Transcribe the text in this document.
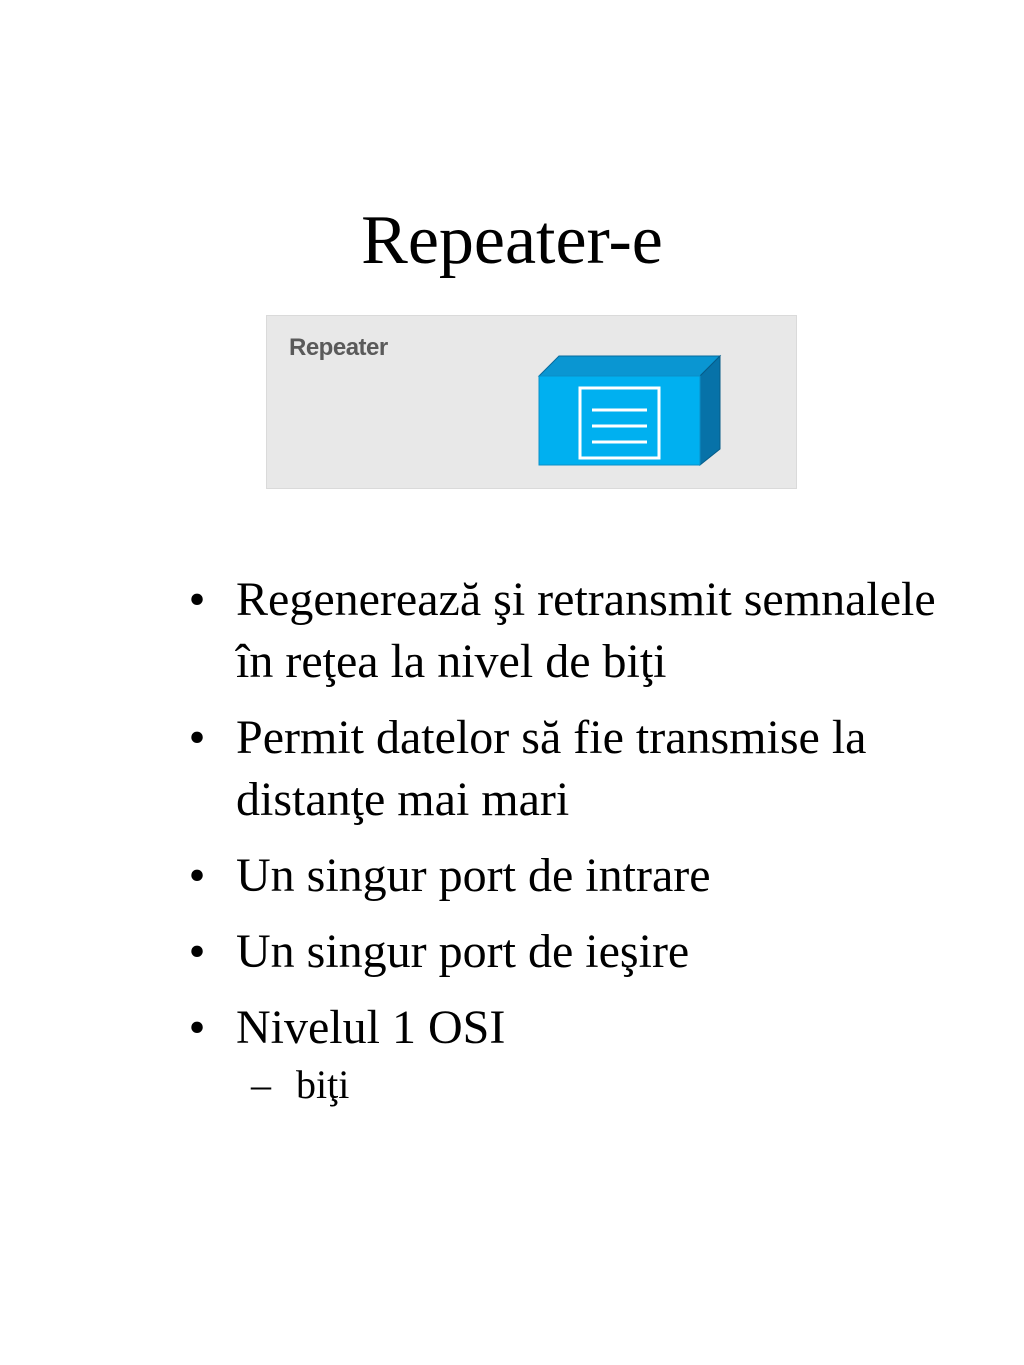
Repeater-e
Repeater
• Regenerează şi retransmit semnalele în reţea la nivel de biţi
• Permit datelor să fie transmise la distanţe mai mari
• Un singur port de intrare
• Un singur port de ieşire
• Nivelul 1 OSI
– biţi
